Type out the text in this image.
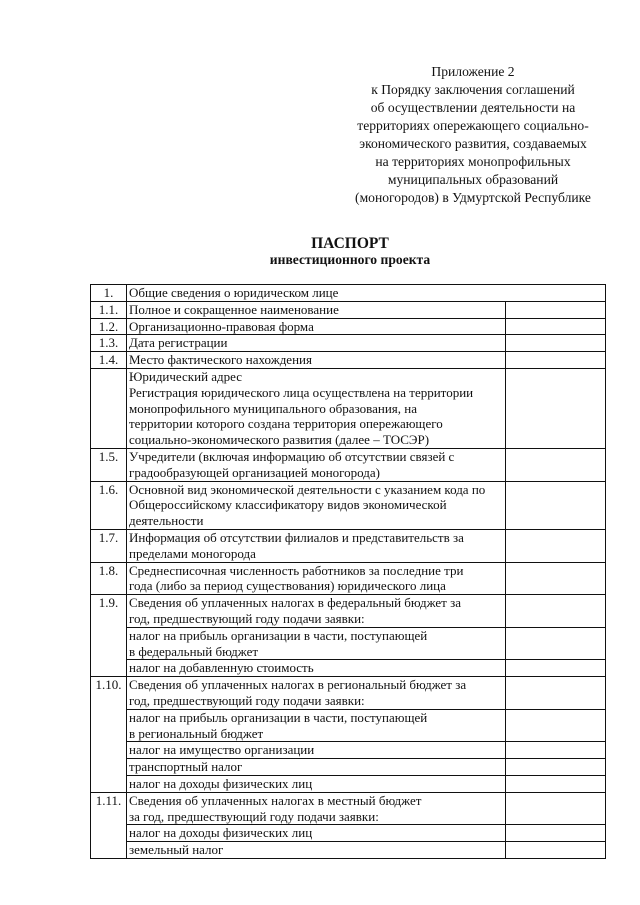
Приложение 2
к Порядку заключения соглашений
об осуществлении деятельности на
территориях опережающего социально-
экономического развития, создаваемых
на территориях монопрофильных
муниципальных образований
(моногородов) в Удмуртской Республике
ПАСПОРТ
инвестиционного проекта
1.	Общие сведения о юридическом лице	
1.1.	Полное и сокращенное наименование	
1.2.	Организационно-правовая форма	
1.3.	Дата регистрации	
1.4.	Место фактического нахождения	
	Юридический адрес
Регистрация юридического лица осуществлена на территории
монопрофильного муниципального образования, на
территории которого создана территория опережающего
социально-экономического развития (далее – ТОСЭР)	
1.5.	Учредители (включая информацию об отсутствии связей с
градообразующей организацией моногорода)	
1.6.	Основной вид экономической деятельности с указанием кода по
Общероссийскому классификатору видов экономической
деятельности	
1.7.	Информация об отсутствии филиалов и представительств за
пределами моногорода	
1.8.	Среднесписочная численность работников за последние три
года (либо за период существования) юридического лица	
1.9.	Сведения об уплаченных налогах в федеральный бюджет за
год, предшествующий году подачи заявки:	
	налог на прибыль организации в части, поступающей
в федеральный бюджет	
	налог на добавленную стоимость	
1.10.	Сведения об уплаченных налогах в региональный бюджет за
год, предшествующий году подачи заявки:	
	налог на прибыль организации в части, поступающей
в региональный бюджет	
	налог на имущество организации	
	транспортный налог	
	налог на доходы физических лиц	
1.11.	Сведения об уплаченных налогах в местный бюджет
за год, предшествующий году подачи заявки:	
	налог на доходы физических лиц	
	земельный налог	
